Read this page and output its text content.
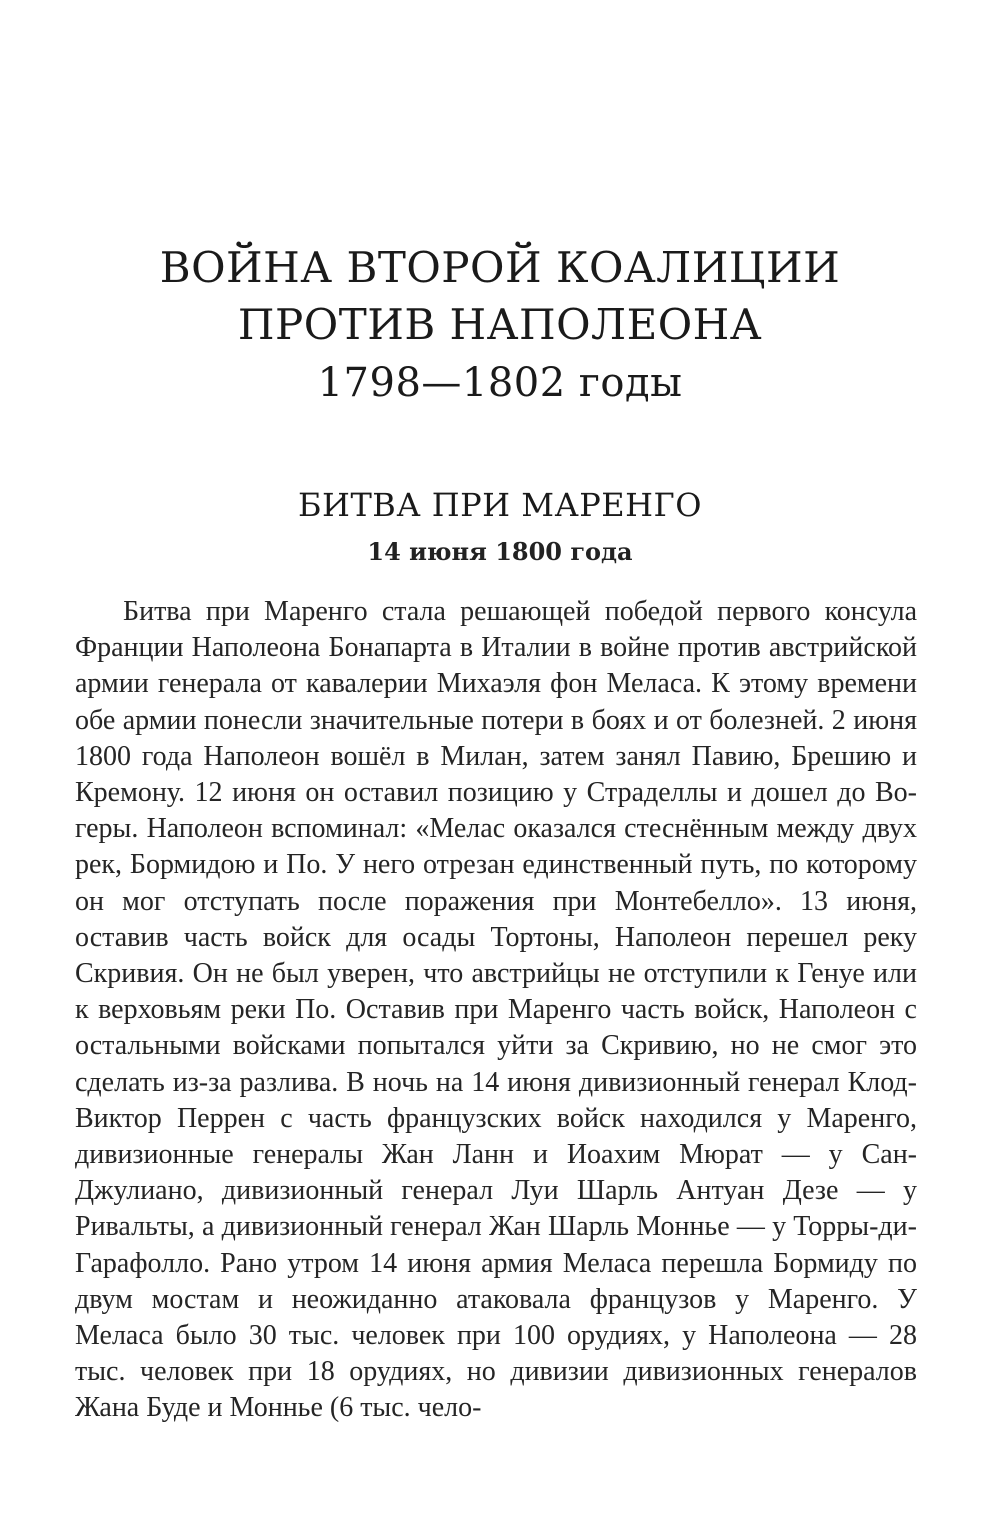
ВОЙНА ВТОРОЙ КОАЛИЦИИ
ПРОТИВ НАПОЛЕОНА
1798—1802 годы
БИТВА ПРИ МАРЕНГО
14 июня 1800 года

Битва при Маренго стала решающей победой первого консула Франции Наполеона Бонапарта в Италии в войне против австрийской армии генерала от кавалерии Михаэля фон Меласа. К этому времени обе армии понесли значительные потери в боях и от болезней. 2 июня 1800 года Наполеон вошёл в Милан, затем занял Павию, Брешию и Кремону. 12 июня он оставил позицию у Страделлы и дошел до Вогеры. Наполеон вспоминал: «Мелас оказался стеснённым между двух рек, Бормидою и По. У него отрезан единственный путь, по которому он мог отступать после поражения при Монтебелло». 13 июня, оставив часть войск для осады Тортоны, Наполеон перешел реку Скривия. Он не был уверен, что австрийцы не отступили к Генуе или к верховьям реки По. Оставив при Маренго часть войск, Наполеон с остальными войсками попытался уйти за Скривию, но не смог это сделать из-за разлива. В ночь на 14 июня дивизионный генерал Клод-Виктор Перрен с часть французских войск находился у Маренго, дивизионные генералы Жан Ланн и Иоахим Мюрат — у Сан-Джулиано, дивизионный генерал Луи Шарль Антуан Дезе — у Ривальты, а дивизионный генерал Жан Шарль Моннье — у Торры-ди-Гарафолло. Рано утром 14 июня армия Меласа перешла Бормиду по двум мостам и неожиданно атаковала французов у Маренго. У Меласа было 30 тыс. человек при 100 орудиях, у Наполеона — 28 тыс. человек при 18 орудиях, но дивизии дивизионных генералов Жана Буде и Моннье (6 тыс. чело-
